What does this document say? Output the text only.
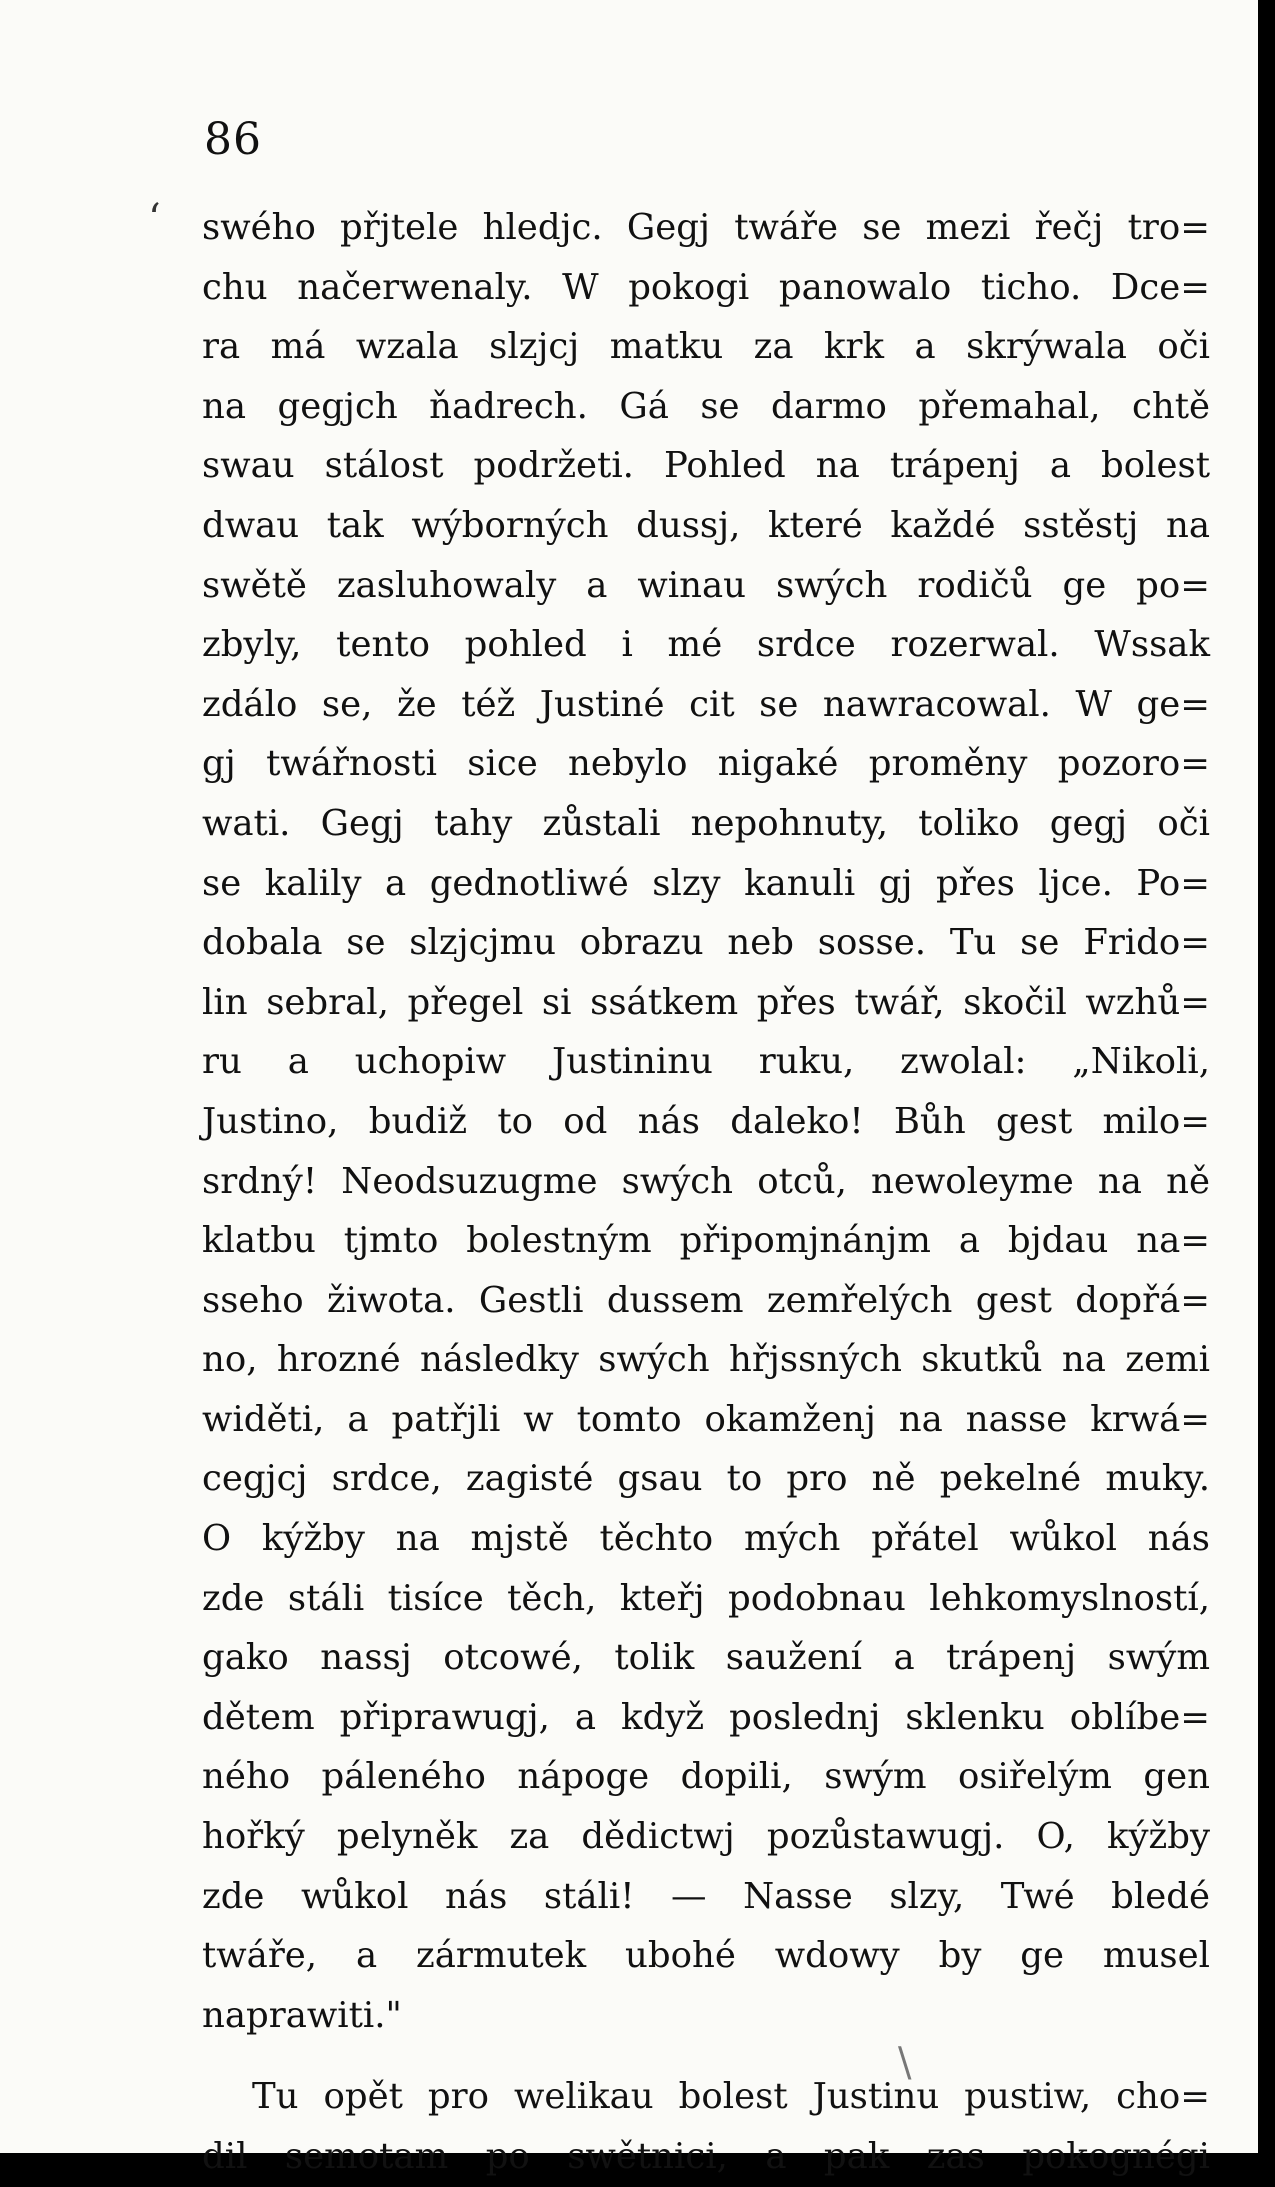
86
‘
\
swého přjtele hledjc. Gegj twáře se mezi řečj tro=
chu načerwenaly. W pokogi panowalo ticho. Dce=
ra má wzala slzjcj matku za krk a skrýwala oči
na gegjch ňadrech. Gá se darmo přemahal, chtě
swau stálost podržeti. Pohled na trápenj a bolest
dwau tak wýborných dussj, které každé sstěstj na
swětě zasluhowaly a winau swých rodičů ge po=
zbyly, tento pohled i mé srdce rozerwal. Wssak
zdálo se, že též Justiné cit se nawracowal. W ge=
gj twářnosti sice nebylo nigaké proměny pozoro=
wati. Gegj tahy zůstali nepohnuty, toliko gegj oči
se kalily a gednotliwé slzy kanuli gj přes ljce. Po=
dobala se slzjcjmu obrazu neb sosse. Tu se Frido=
lin sebral, přegel si ssátkem přes twář, skočil wzhů=
ru a uchopiw Justininu ruku, zwolal: „Nikoli,
Justino, budiž to od nás daleko! Bůh gest milo=
srdný! Neodsuzugme swých otců, newoleyme na ně
klatbu tjmto bolestným připomjnánjm a bjdau na=
sseho žiwota. Gestli dussem zemřelých gest dopřá=
no, hrozné následky swých hřjssných skutků na zemi
widěti, a patřjli w tomto okamženj na nasse krwá=
cegjcj srdce, zagisté gsau to pro ně pekelné muky.
O kýžby na mjstě těchto mých přátel wůkol nás
zde stáli tisíce těch, kteřj podobnau lehkomyslností,
gako nassj otcowé, tolik saužení a trápenj swým
dětem připrawugj, a když poslednj sklenku oblíbe=
ného páleného nápoge dopili, swým osiřelým gen
hořký pelyněk za dědictwj pozůstawugj. O, kýžby
zde wůkol nás stáli! — Nasse slzy, Twé bledé
twáře, a zármutek ubohé wdowy by ge musel
naprawiti."
Tu opět pro welikau bolest Justinu pustiw, cho=
dil semotam po swětnici, a pak zas pokognégi
